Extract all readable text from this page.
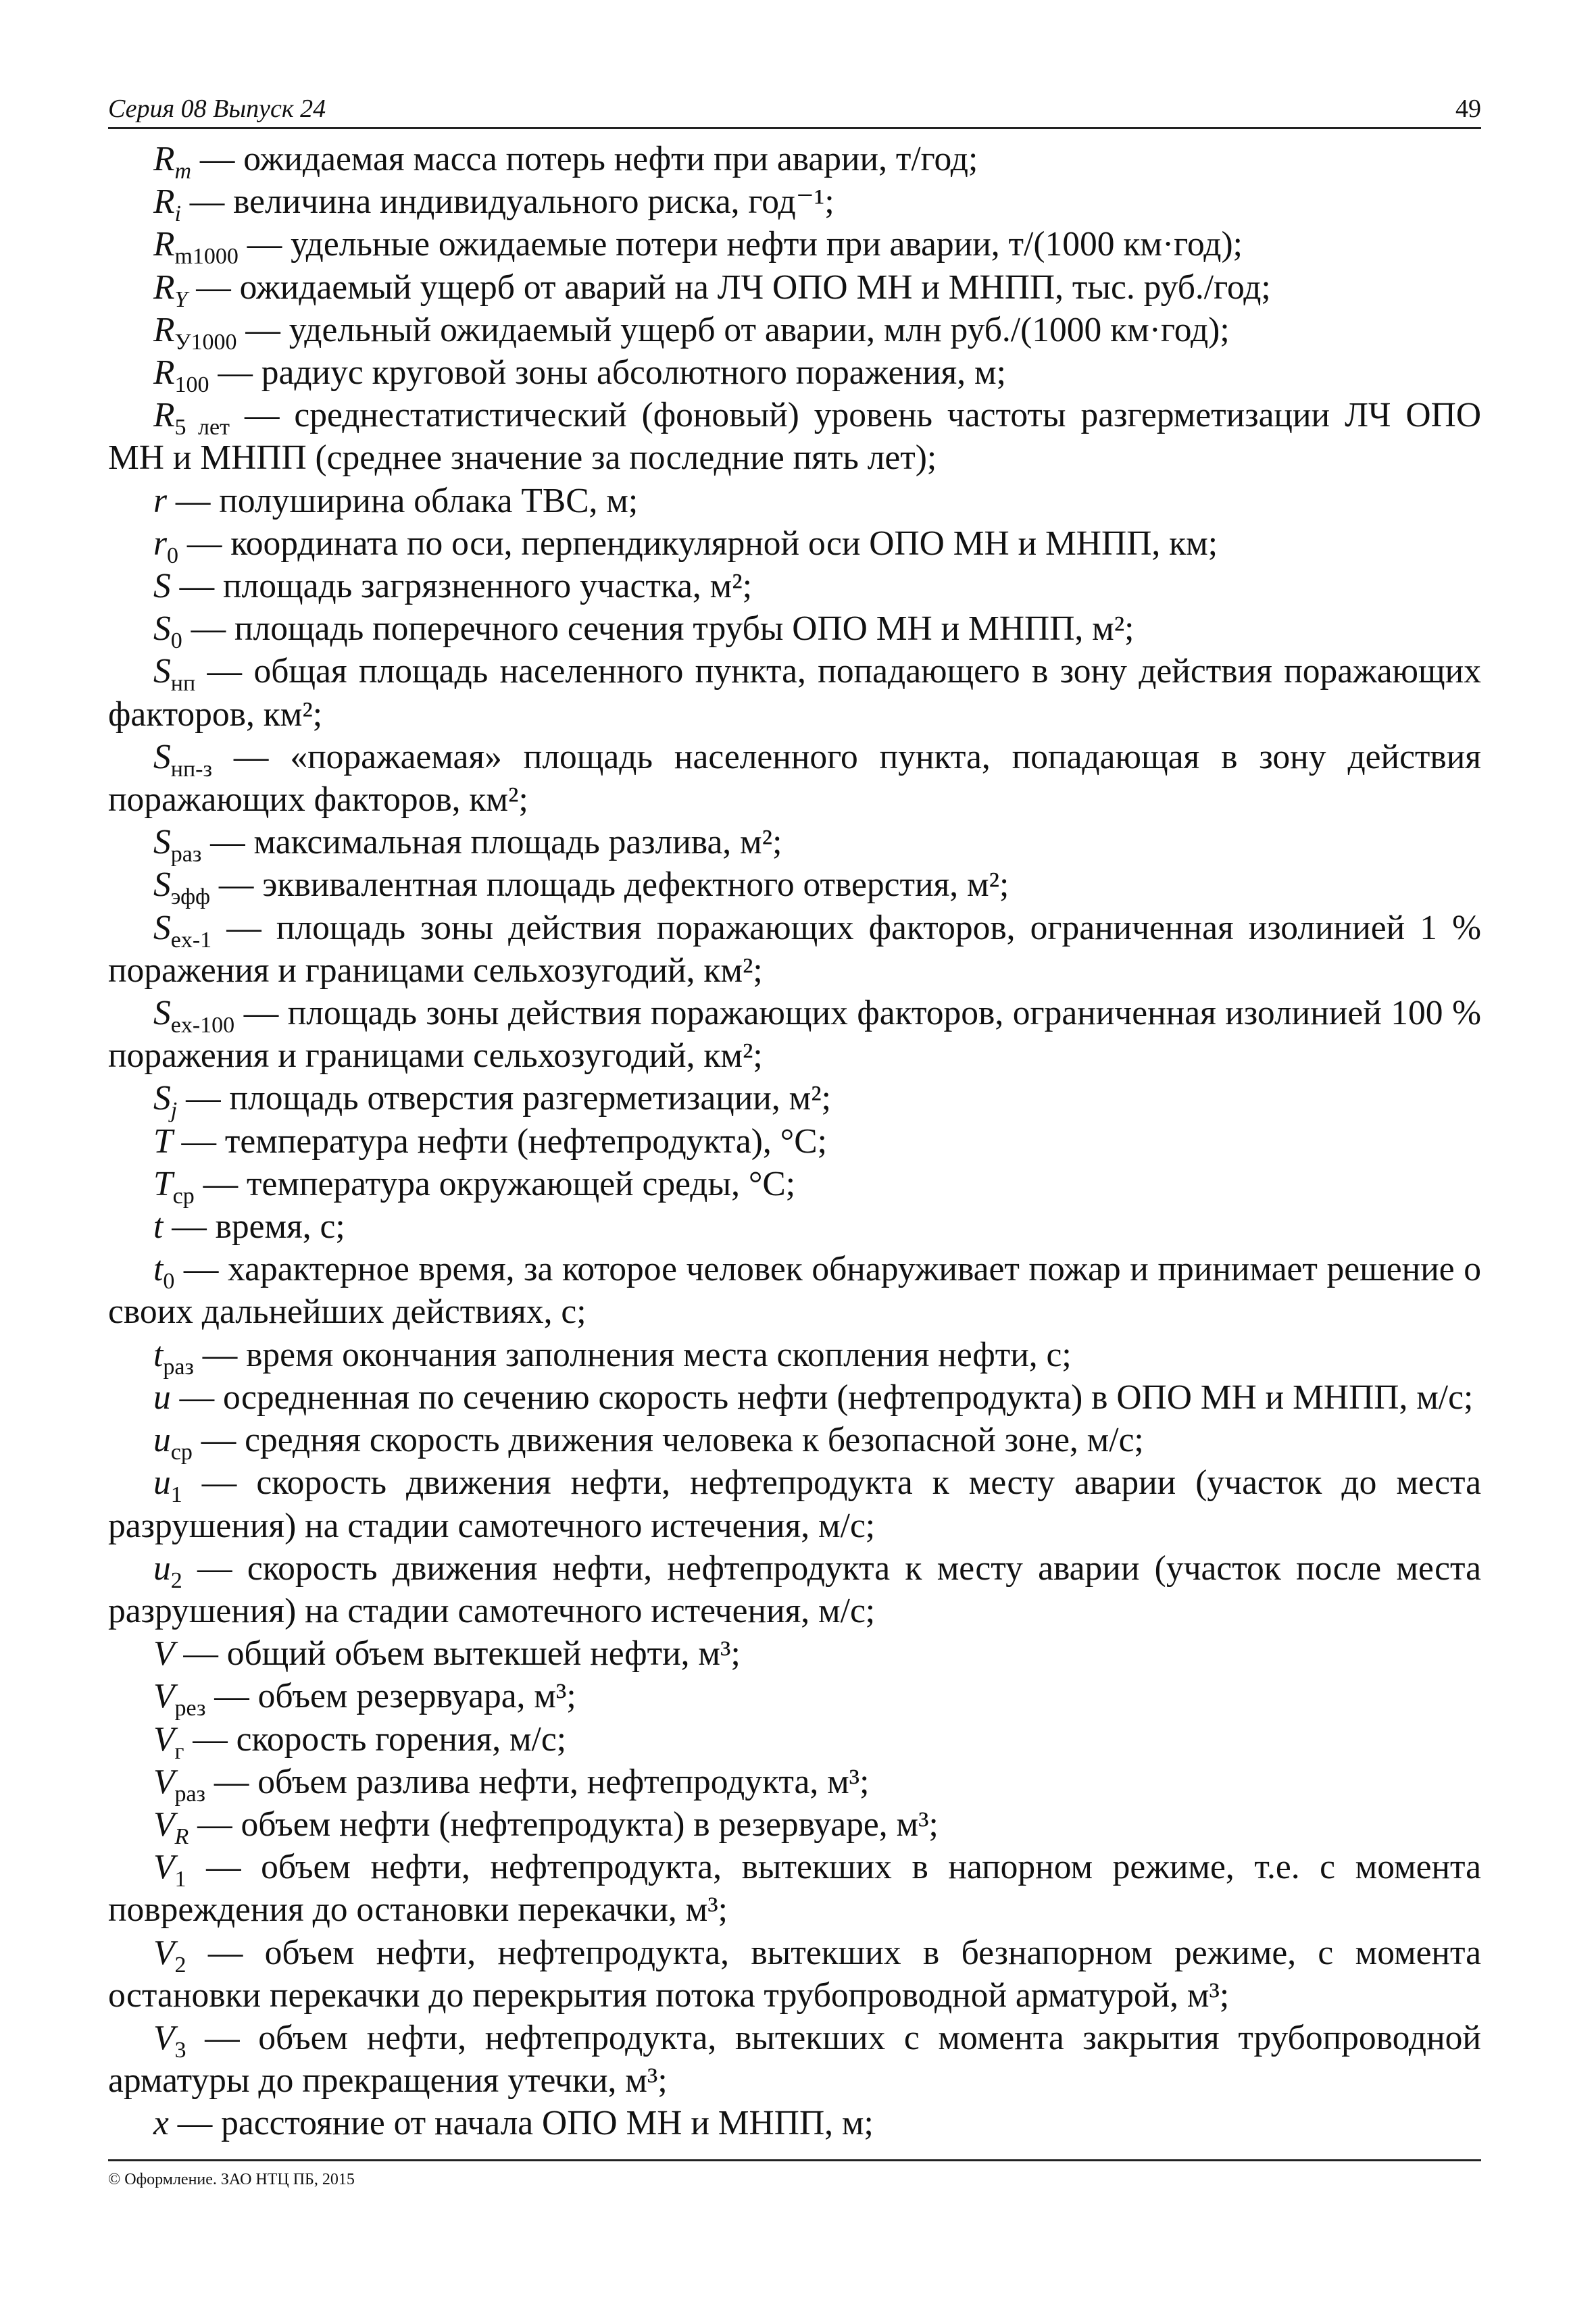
Серия 08 Выпуск 24	49

$R_m$ — ожидаемая масса потерь нефти при аварии, т/год;

$R_i$ — величина индивидуального риска, год⁻¹;

$R_{m1000}$ — удельные ожидаемые потери нефти при аварии, т/(1000 км·год);

$R_Y$ — ожидаемый ущерб от аварий на ЛЧ ОПО МН и МНПП, тыс. руб./год;

$R_{У1000}$ — удельный ожидаемый ущерб от аварии, млн руб./(1000 км·год);

$R_{100}$ — радиус круговой зоны абсолютного поражения, м;

$R_{5 лет}$ — среднестатистический (фоновый) уровень частоты разгерметизации ЛЧ ОПО МН и МНПП (среднее значение за последние пять лет);

r — полуширина облака ТВС, м;

$r_0$ — координата по оси, перпендикулярной оси ОПО МН и МНПП, км;

S — площадь загрязненного участка, м²;

$S_0$ — площадь поперечного сечения трубы ОПО МН и МНПП, м²;

$S_{нп}$ — общая площадь населенного пункта, попадающего в зону действия поражающих факторов, км²;

$S_{нп-з}$ — «поражаемая» площадь населенного пункта, попадающая в зону действия поражающих факторов, км²;

$S_{раз}$ — максимальная площадь разлива, м²;

$S_{эфф}$ — эквивалентная площадь дефектного отверстия, м²;

$S_{ex-1}$ — площадь зоны действия поражающих факторов, ограниченная изолинией 1 % поражения и границами сельхозугодий, км²;

$S_{ex-100}$ — площадь зоны действия поражающих факторов, ограниченная изолинией 100 % поражения и границами сельхозугодий, км²;

$S_j$ — площадь отверстия разгерметизации, м²;

T — температура нефти (нефтепродукта), °C;

$T_{ср}$ — температура окружающей среды, °C;

t — время, с;

$t_0$ — характерное время, за которое человек обнаруживает пожар и принимает решение о своих дальнейших действиях, с;

$t_{раз}$ — время окончания заполнения места скопления нефти, с;

u — осредненная по сечению скорость нефти (нефтепродукта) в ОПО МН и МНПП, м/с;

$u_{ср}$ — средняя скорость движения человека к безопасной зоне, м/с;

$u_1$ — скорость движения нефти, нефтепродукта к месту аварии (участок до места разрушения) на стадии самотечного истечения, м/с;

$u_2$ — скорость движения нефти, нефтепродукта к месту аварии (участок после места разрушения) на стадии самотечного истечения, м/с;

V — общий объем вытекшей нефти, м³;

$V_{рез}$ — объем резервуара, м³;

$V_г$ — скорость горения, м/с;

$V_{раз}$ — объем разлива нефти, нефтепродукта, м³;

$V_R$ — объем нефти (нефтепродукта) в резервуаре, м³;

$V_1$ — объем нефти, нефтепродукта, вытекших в напорном режиме, т.е. с момента повреждения до остановки перекачки, м³;

$V_2$ — объем нефти, нефтепродукта, вытекших в безнапорном режиме, с момента остановки перекачки до перекрытия потока трубопроводной арматурой, м³;

$V_3$ — объем нефти, нефтепродукта, вытекших с момента закрытия трубопроводной арматуры до прекращения утечки, м³;

x — расстояние от начала ОПО МН и МНПП, м;

© Оформление. ЗАО НТЦ ПБ, 2015
